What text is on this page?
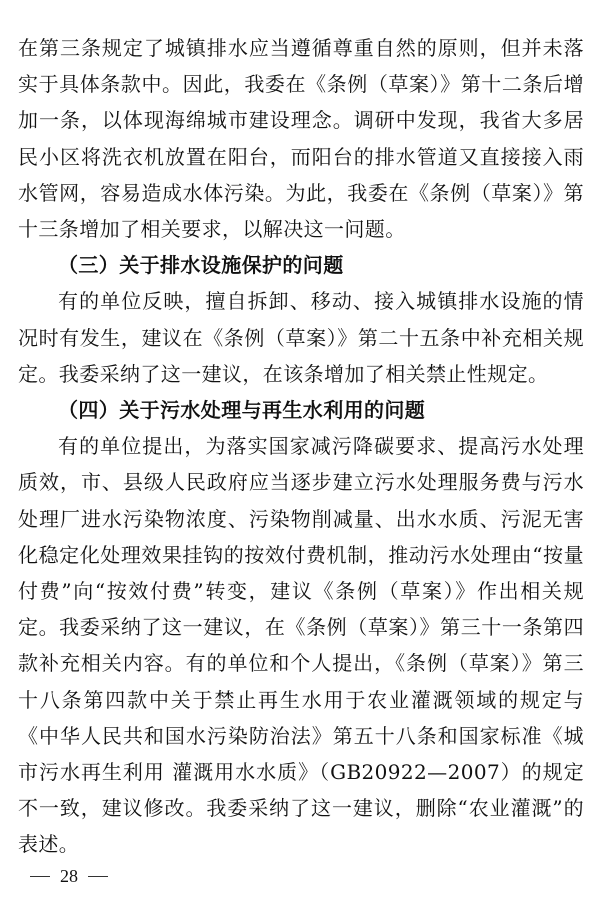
在第三条规定了城镇排水应当遵循尊重自然的原则，但并未落实于具体条款中。因此，我委在《条例（草案）》第十二条后增加一条，以体现海绵城市建设理念。调研中发现，我省大多居民小区将洗衣机放置在阳台，而阳台的排水管道又直接接入雨水管网，容易造成水体污染。为此，我委在《条例（草案）》第十三条增加了相关要求，以解决这一问题。

（三）关于排水设施保护的问题

有的单位反映，擅自拆卸、移动、接入城镇排水设施的情况时有发生，建议在《条例（草案）》第二十五条中补充相关规定。我委采纳了这一建议，在该条增加了相关禁止性规定。

（四）关于污水处理与再生水利用的问题

有的单位提出，为落实国家减污降碳要求、提高污水处理质效，市、县级人民政府应当逐步建立污水处理服务费与污水处理厂进水污染物浓度、污染物削减量、出水水质、污泥无害化稳定化处理效果挂钩的按效付费机制，推动污水处理由“按量付费”向“按效付费”转变，建议《条例（草案）》作出相关规定。我委采纳了这一建议，在《条例（草案）》第三十一条第四款补充相关内容。有的单位和个人提出，《条例（草案）》第三十八条第四款中关于禁止再生水用于农业灌溉领域的规定与《中华人民共和国水污染防治法》第五十八条和国家标准《城市污水再生利用 灌溉用水水质》（GB20922—2007）的规定不一致，建议修改。我委采纳了这一建议，删除“农业灌溉”的表述。

28
